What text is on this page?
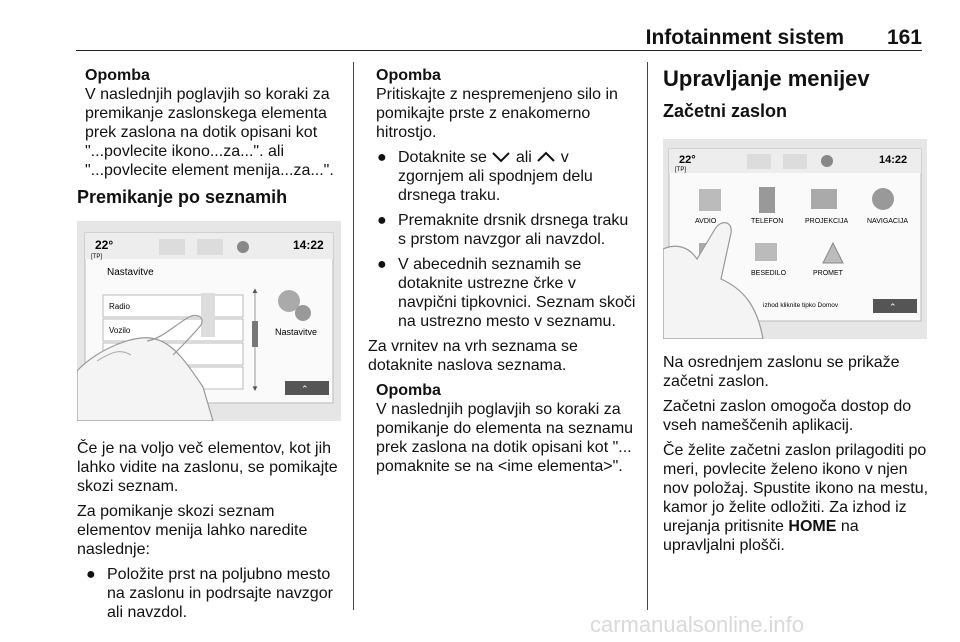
Infotainment sistem 161
Opomba
V naslednjih poglavjih so koraki za premikanje zaslonskega elementa prek zaslona na dotik opisani kot "...povlecite ikono...za...". ali "...povlecite element menija...za...".
Premikanje po seznamih
22°
[TP]
14:22
Nastavitve
Radio
Vozilo
▲
▼
Nastavitve
⌃

Če je na voljo več elementov, kot jih lahko vidite na zaslonu, se pomikajte skozi seznam.

Za pomikanje skozi seznam elementov menija lahko naredite naslednje:

● Položite prst na poljubno mesto na zaslonu in podrsajte navzgor ali navzdol.
Opomba
Pritiskajte z nespremenjeno silo in pomikajte prste z enakomerno hitrostjo.
● Dotaknite se ali v zgornjem ali spodnjem delu drsnega traku.
● Premaknite drsnik drsnega traku s prstom navzgor ali navzdol.
● V abecednih seznamih se dotaknite ustrezne črke v navpični tipkovnici. Seznam skoči na ustrezno mesto v seznamu.

Za vrnitev na vrh seznama se dotaknite naslova seznama.

Opomba
V naslednjih poglavjih so koraki za pomikanje do elementa na seznamu prek zaslona na dotik opisani kot "... pomaknite se na <ime elementa>".
Upravljanje menijev
Začetni zaslon
22°
[TP]
14:22
AVDIO	TELEFON	PROJEKCIJA	NAVIGACIJA
BESEDILO	PROMET
izhod kliknite tipko Domov	⌃

Na osrednjem zaslonu se prikaže začetni zaslon.

Začetni zaslon omogoča dostop do vseh nameščenih aplikacij.

Če želite začetni zaslon prilagoditi po meri, povlecite želeno ikono v njen nov položaj. Spustite ikono na mestu, kamor jo želite odložiti. Za izhod iz urejanja pritisnite HOME na upravljalni plošči.

carmanualsonline.info
